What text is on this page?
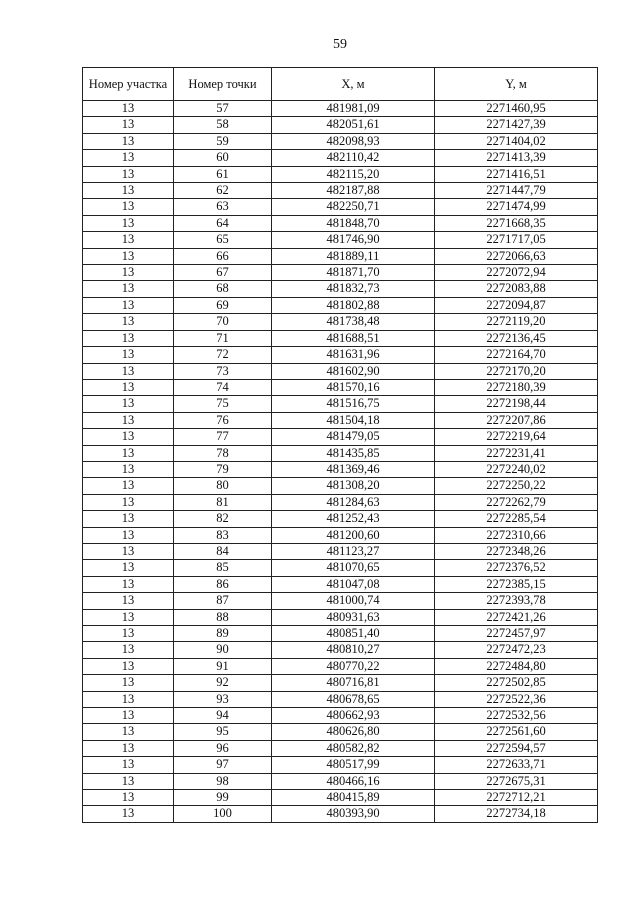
59
Номер участка	Номер точки	X, м	Y, м
13	57	481981,09	2271460,95
13	58	482051,61	2271427,39
13	59	482098,93	2271404,02
13	60	482110,42	2271413,39
13	61	482115,20	2271416,51
13	62	482187,88	2271447,79
13	63	482250,71	2271474,99
13	64	481848,70	2271668,35
13	65	481746,90	2271717,05
13	66	481889,11	2272066,63
13	67	481871,70	2272072,94
13	68	481832,73	2272083,88
13	69	481802,88	2272094,87
13	70	481738,48	2272119,20
13	71	481688,51	2272136,45
13	72	481631,96	2272164,70
13	73	481602,90	2272170,20
13	74	481570,16	2272180,39
13	75	481516,75	2272198,44
13	76	481504,18	2272207,86
13	77	481479,05	2272219,64
13	78	481435,85	2272231,41
13	79	481369,46	2272240,02
13	80	481308,20	2272250,22
13	81	481284,63	2272262,79
13	82	481252,43	2272285,54
13	83	481200,60	2272310,66
13	84	481123,27	2272348,26
13	85	481070,65	2272376,52
13	86	481047,08	2272385,15
13	87	481000,74	2272393,78
13	88	480931,63	2272421,26
13	89	480851,40	2272457,97
13	90	480810,27	2272472,23
13	91	480770,22	2272484,80
13	92	480716,81	2272502,85
13	93	480678,65	2272522,36
13	94	480662,93	2272532,56
13	95	480626,80	2272561,60
13	96	480582,82	2272594,57
13	97	480517,99	2272633,71
13	98	480466,16	2272675,31
13	99	480415,89	2272712,21
13	100	480393,90	2272734,18
